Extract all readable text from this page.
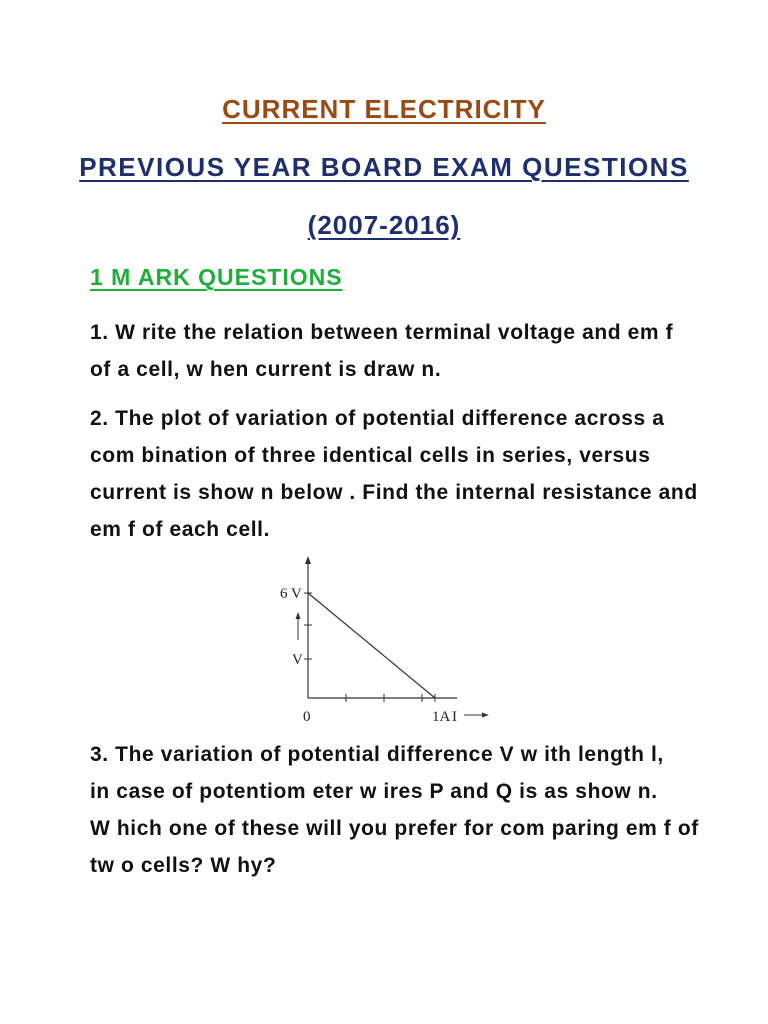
CURRENT ELECTRICITY
PREVIOUS YEAR BOARD EXAM QUESTIONS
(2007-2016)
1 M ARK QUESTIONS
1. W rite the relation between terminal voltage and em f
of a cell, w hen current is draw n.
2. The plot of variation of potential difference across a
com bination of three identical cells in series, versus
current is show n below . Find the internal resistance and
em f of each cell.
6 V
V
0	1A I
3. The variation of potential difference V w ith length l,
in case of potentiom eter w ires P and Q is as show n.
W hich one of these will you prefer for com paring em f of
tw o cells? W hy?
